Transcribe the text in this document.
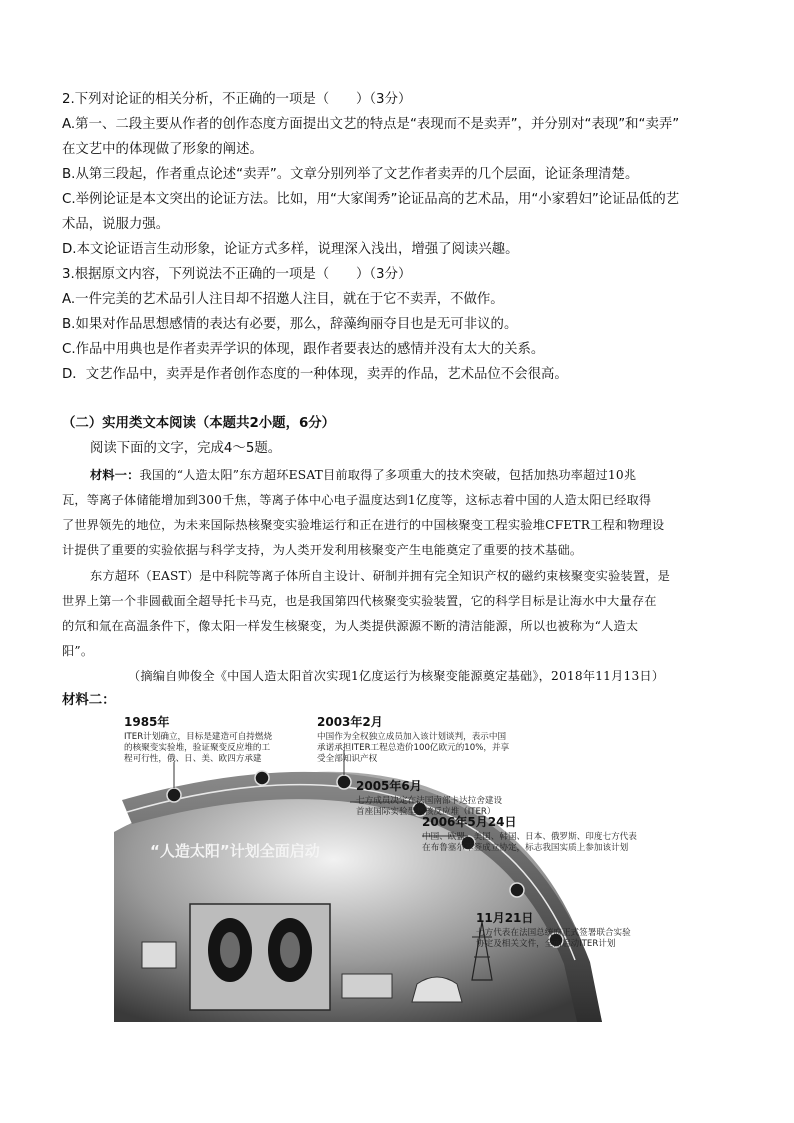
2.下列对论证的相关分析，不正确的一项是（　　）（3分）
A.第一、二段主要从作者的创作态度方面提出文艺的特点是“表现而不是卖弄”，并分别对“表现”和“卖弄”
在文艺中的体现做了形象的阐述。
B.从第三段起，作者重点论述“卖弄”。文章分别列举了文艺作者卖弄的几个层面，论证条理清楚。
C.举例论证是本文突出的论证方法。比如，用“大家闺秀”论证品高的艺术品，用“小家碧妇”论证品低的艺
术品，说服力强。
D.本文论证语言生动形象，论证方式多样，说理深入浅出，增强了阅读兴趣。
3.根据原文内容，下列说法不正确的一项是（　　）（3分）
A.一件完美的艺术品引人注目却不招邀人注目，就在于它不卖弄，不做作。
B.如果对作品思想感情的表达有必要，那么，辞藻绚丽夺目也是无可非议的。
C.作品中用典也是作者卖弄学识的体现，跟作者要表达的感情并没有太大的关系。
D．文艺作品中，卖弄是作者创作态度的一种体现，卖弄的作品，艺术品位不会很高。
（二）实用类文本阅读（本题共2小题，6分）
阅读下面的文字，完成4～5题。
材料一：我国的“人造太阳”东方超环ESAT目前取得了多项重大的技术突破，包括加热功率超过10兆
瓦，等离子体储能增加到300千焦，等离子体中心电子温度达到1亿度等，这标志着中国的人造太阳已经取得
了世界领先的地位，为未来国际热核聚变实验堆运行和正在进行的中国核聚变工程实验堆CFETR工程和物理设
计提供了重要的实验依据与科学支持，为人类开发利用核聚变产生电能奠定了重要的技术基础。
东方超环（EAST）是中科院等离子体所自主设计、研制并拥有完全知识产权的磁约束核聚变实验装置，是
世界上第一个非圆截面全超导托卡马克，也是我国第四代核聚变实验装置，它的科学目标是让海水中大量存在
的氘和氚在高温条件下，像太阳一样发生核聚变，为人类提供源源不断的清洁能源，所以也被称为“人造太
阳”。
（摘编自帅俊全《中国人造太阳首次实现1亿度运行为核聚变能源奠定基础》，2018年11月13日）
材料二：
“人造太阳”计划全面启动
1985年
ITER计划确立，目标是建造可自持燃烧
的核聚变实验堆，验证聚变反应堆的工
程可行性，俄、日、美、欧四方承建
2003年2月
中国作为全权独立成员加入该计划谈判，表示中国
承诺承担ITER工程总造价100亿欧元的10%，并享
受全部知识产权
2005年6月
七方成员决定在法国南部卡达拉舍建设
首座国际实验型热核反应堆（ITER）
2006年5月24日
中国、欧盟、美国、韩国、日本、俄罗斯、印度七方代表
在布鲁塞尔草签成立协定，标志我国实质上参加该计划
11月21日
七方代表在法国总统府正式签署联合实验
协定及相关文件，全面启动ITER计划
